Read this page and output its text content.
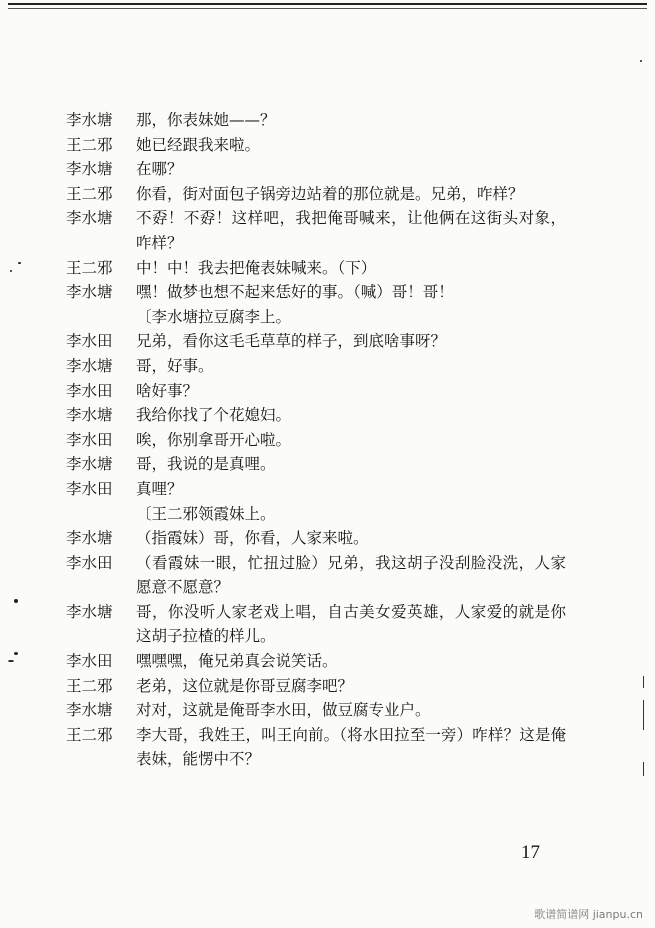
李水塘	那，你表妹她——？
王二邪	她已经跟我来啦。
李水塘	在哪？
王二邪	你看，街对面包子锅旁边站着的那位就是。兄弟，咋样？
李水塘	不孬！不孬！这样吧，我把俺哥喊来，让他俩在这街头对象，咋样？
王二邪	中！中！我去把俺表妹喊来。（下）
李水塘	嘿！做梦也想不起来恁好的事。（喊）哥！哥！
〔李水塘拉豆腐李上。
李水田	兄弟，看你这毛毛草草的样子，到底啥事呀？
李水塘	哥，好事。
李水田	啥好事？
李水塘	我给你找了个花媳妇。
李水田	唉，你别拿哥开心啦。
李水塘	哥，我说的是真哩。
李水田	真哩？
〔王二邪领霞妹上。
李水塘	（指霞妹）哥，你看，人家来啦。
李水田	（看霞妹一眼，忙扭过脸）兄弟，我这胡子没刮脸没洗，人家愿意不愿意？
李水塘	哥，你没听人家老戏上唱，自古美女爱英雄，人家爱的就是你这胡子拉楂的样儿。
李水田	嘿嘿嘿，俺兄弟真会说笑话。
王二邪	老弟，这位就是你哥豆腐李吧？
李水塘	对对，这就是俺哥李水田，做豆腐专业户。
王二邪	李大哥，我姓王，叫王向前。（将水田拉至一旁）咋样？这是俺表妹，能愣中不？
17
歌谱简谱网 jianpu.cn
